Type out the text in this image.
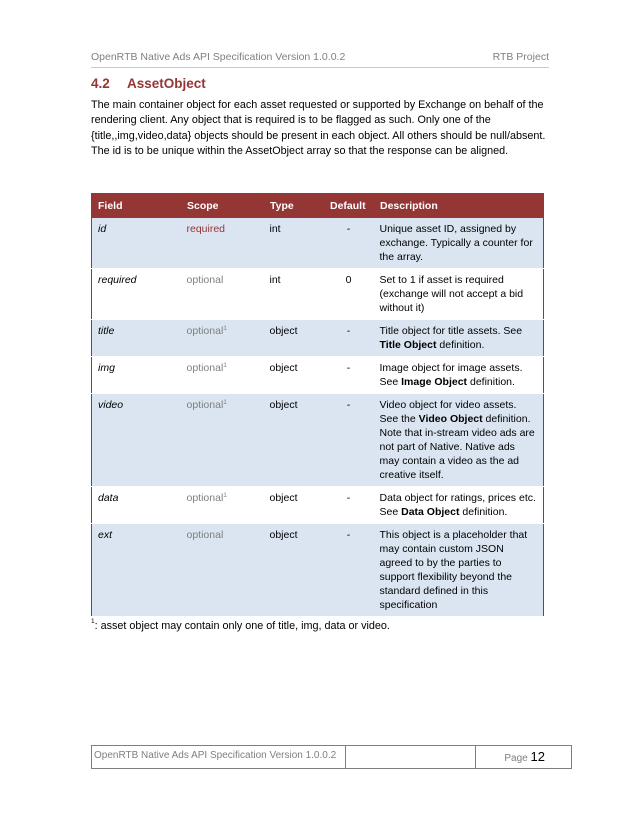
OpenRTB Native Ads API Specification Version 1.0.0.2	RTB Project
4.2 AssetObject
The main container object for each asset requested or supported by Exchange on behalf of the rendering client. Any object that is required is to be flagged as such. Only one of the {title,,img,video,data} objects should be present in each object. All others should be null/absent. The id is to be unique within the AssetObject array so that the response can be aligned.
Field	Scope	Type	Default	Description
id	required	int	-	Unique asset ID, assigned by exchange. Typically a counter for the array.
required	optional	int	0	Set to 1 if asset is required (exchange will not accept a bid without it)
title	optional$^1$	object	-	Title object for title assets. See Title Object definition.
img	optional$^1$	object	-	Image object for image assets. See Image Object definition.
video	optional$^1$	object	-	Video object for video assets. See the Video Object definition. Note that in-stream video ads are not part of Native. Native ads may contain a video as the ad creative itself.
data	optional$^1$	object	-	Data object for ratings, prices etc. See Data Object definition.
ext	optional	object	-	This object is a placeholder that may contain custom JSON agreed to by the parties to support flexibility beyond the standard defined in this specification
$^1$: asset object may contain only one of title, img, data or video.
OpenRTB Native Ads API Specification Version 1.0.0.2	Page 12
